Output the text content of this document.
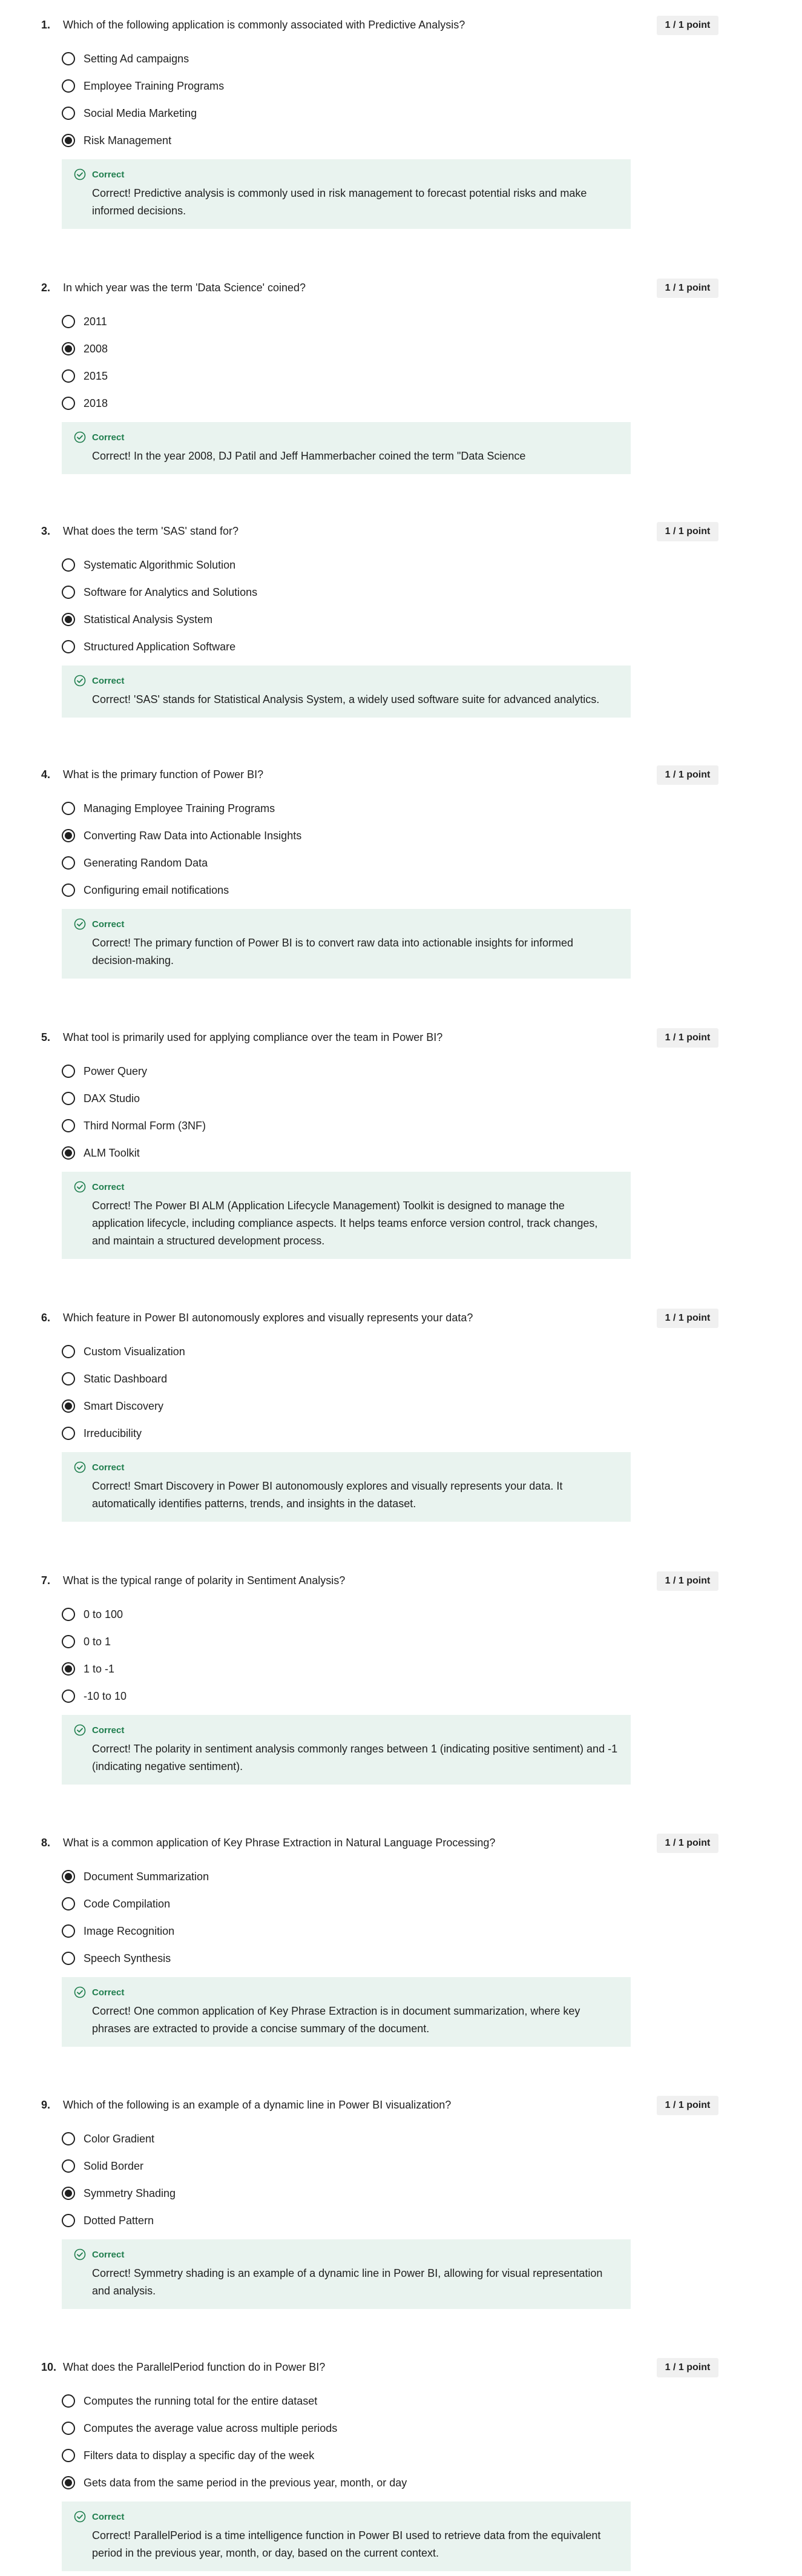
1.	Which of the following application is commonly associated with Predictive Analysis?	1 / 1 point
Setting Ad campaigns
Employee Training Programs
Social Media Marketing
Risk Management
Correct
Correct! Predictive analysis is commonly used in risk management to forecast potential risks and make informed decisions.
2.	In which year was the term 'Data Science' coined?	1 / 1 point
2011
2008
2015
2018
Correct
Correct! In the year 2008, DJ Patil and Jeff Hammerbacher coined the term "Data Science
3.	What does the term 'SAS' stand for?	1 / 1 point
Systematic Algorithmic Solution
Software for Analytics and Solutions
Statistical Analysis System
Structured Application Software
Correct
Correct! 'SAS' stands for Statistical Analysis System, a widely used software suite for advanced analytics.
4.	What is the primary function of Power BI?	1 / 1 point
Managing Employee Training Programs
Converting Raw Data into Actionable Insights
Generating Random Data
Configuring email notifications
Correct
Correct! The primary function of Power BI is to convert raw data into actionable insights for informed decision-making.
5.	What tool is primarily used for applying compliance over the team in Power BI?	1 / 1 point
Power Query
DAX Studio
Third Normal Form (3NF)
ALM Toolkit
Correct
Correct! The Power BI ALM (Application Lifecycle Management) Toolkit is designed to manage the application lifecycle, including compliance aspects. It helps teams enforce version control, track changes, and maintain a structured development process.
6.	Which feature in Power BI autonomously explores and visually represents your data?	1 / 1 point
Custom Visualization
Static Dashboard
Smart Discovery
Irreducibility
Correct
Correct! Smart Discovery in Power BI autonomously explores and visually represents your data. It automatically identifies patterns, trends, and insights in the dataset.
7.	What is the typical range of polarity in Sentiment Analysis?	1 / 1 point
0 to 100
0 to 1
1 to -1
-10 to 10
Correct
Correct! The polarity in sentiment analysis commonly ranges between 1 (indicating positive sentiment) and -1 (indicating negative sentiment).
8.	What is a common application of Key Phrase Extraction in Natural Language Processing?	1 / 1 point
Document Summarization
Code Compilation
Image Recognition
Speech Synthesis
Correct
Correct! One common application of Key Phrase Extraction is in document summarization, where key phrases are extracted to provide a concise summary of the document.
9.	Which of the following is an example of a dynamic line in Power BI visualization?	1 / 1 point
Color Gradient
Solid Border
Symmetry Shading
Dotted Pattern
Correct
Correct! Symmetry shading is an example of a dynamic line in Power BI, allowing for visual representation and analysis.
10. What does the ParallelPeriod function do in Power BI?	1 / 1 point
Computes the running total for the entire dataset
Computes the average value across multiple periods
Filters data to display a specific day of the week
Gets data from the same period in the previous year, month, or day
Correct
Correct! ParallelPeriod is a time intelligence function in Power BI used to retrieve data from the equivalent period in the previous year, month, or day, based on the current context.
